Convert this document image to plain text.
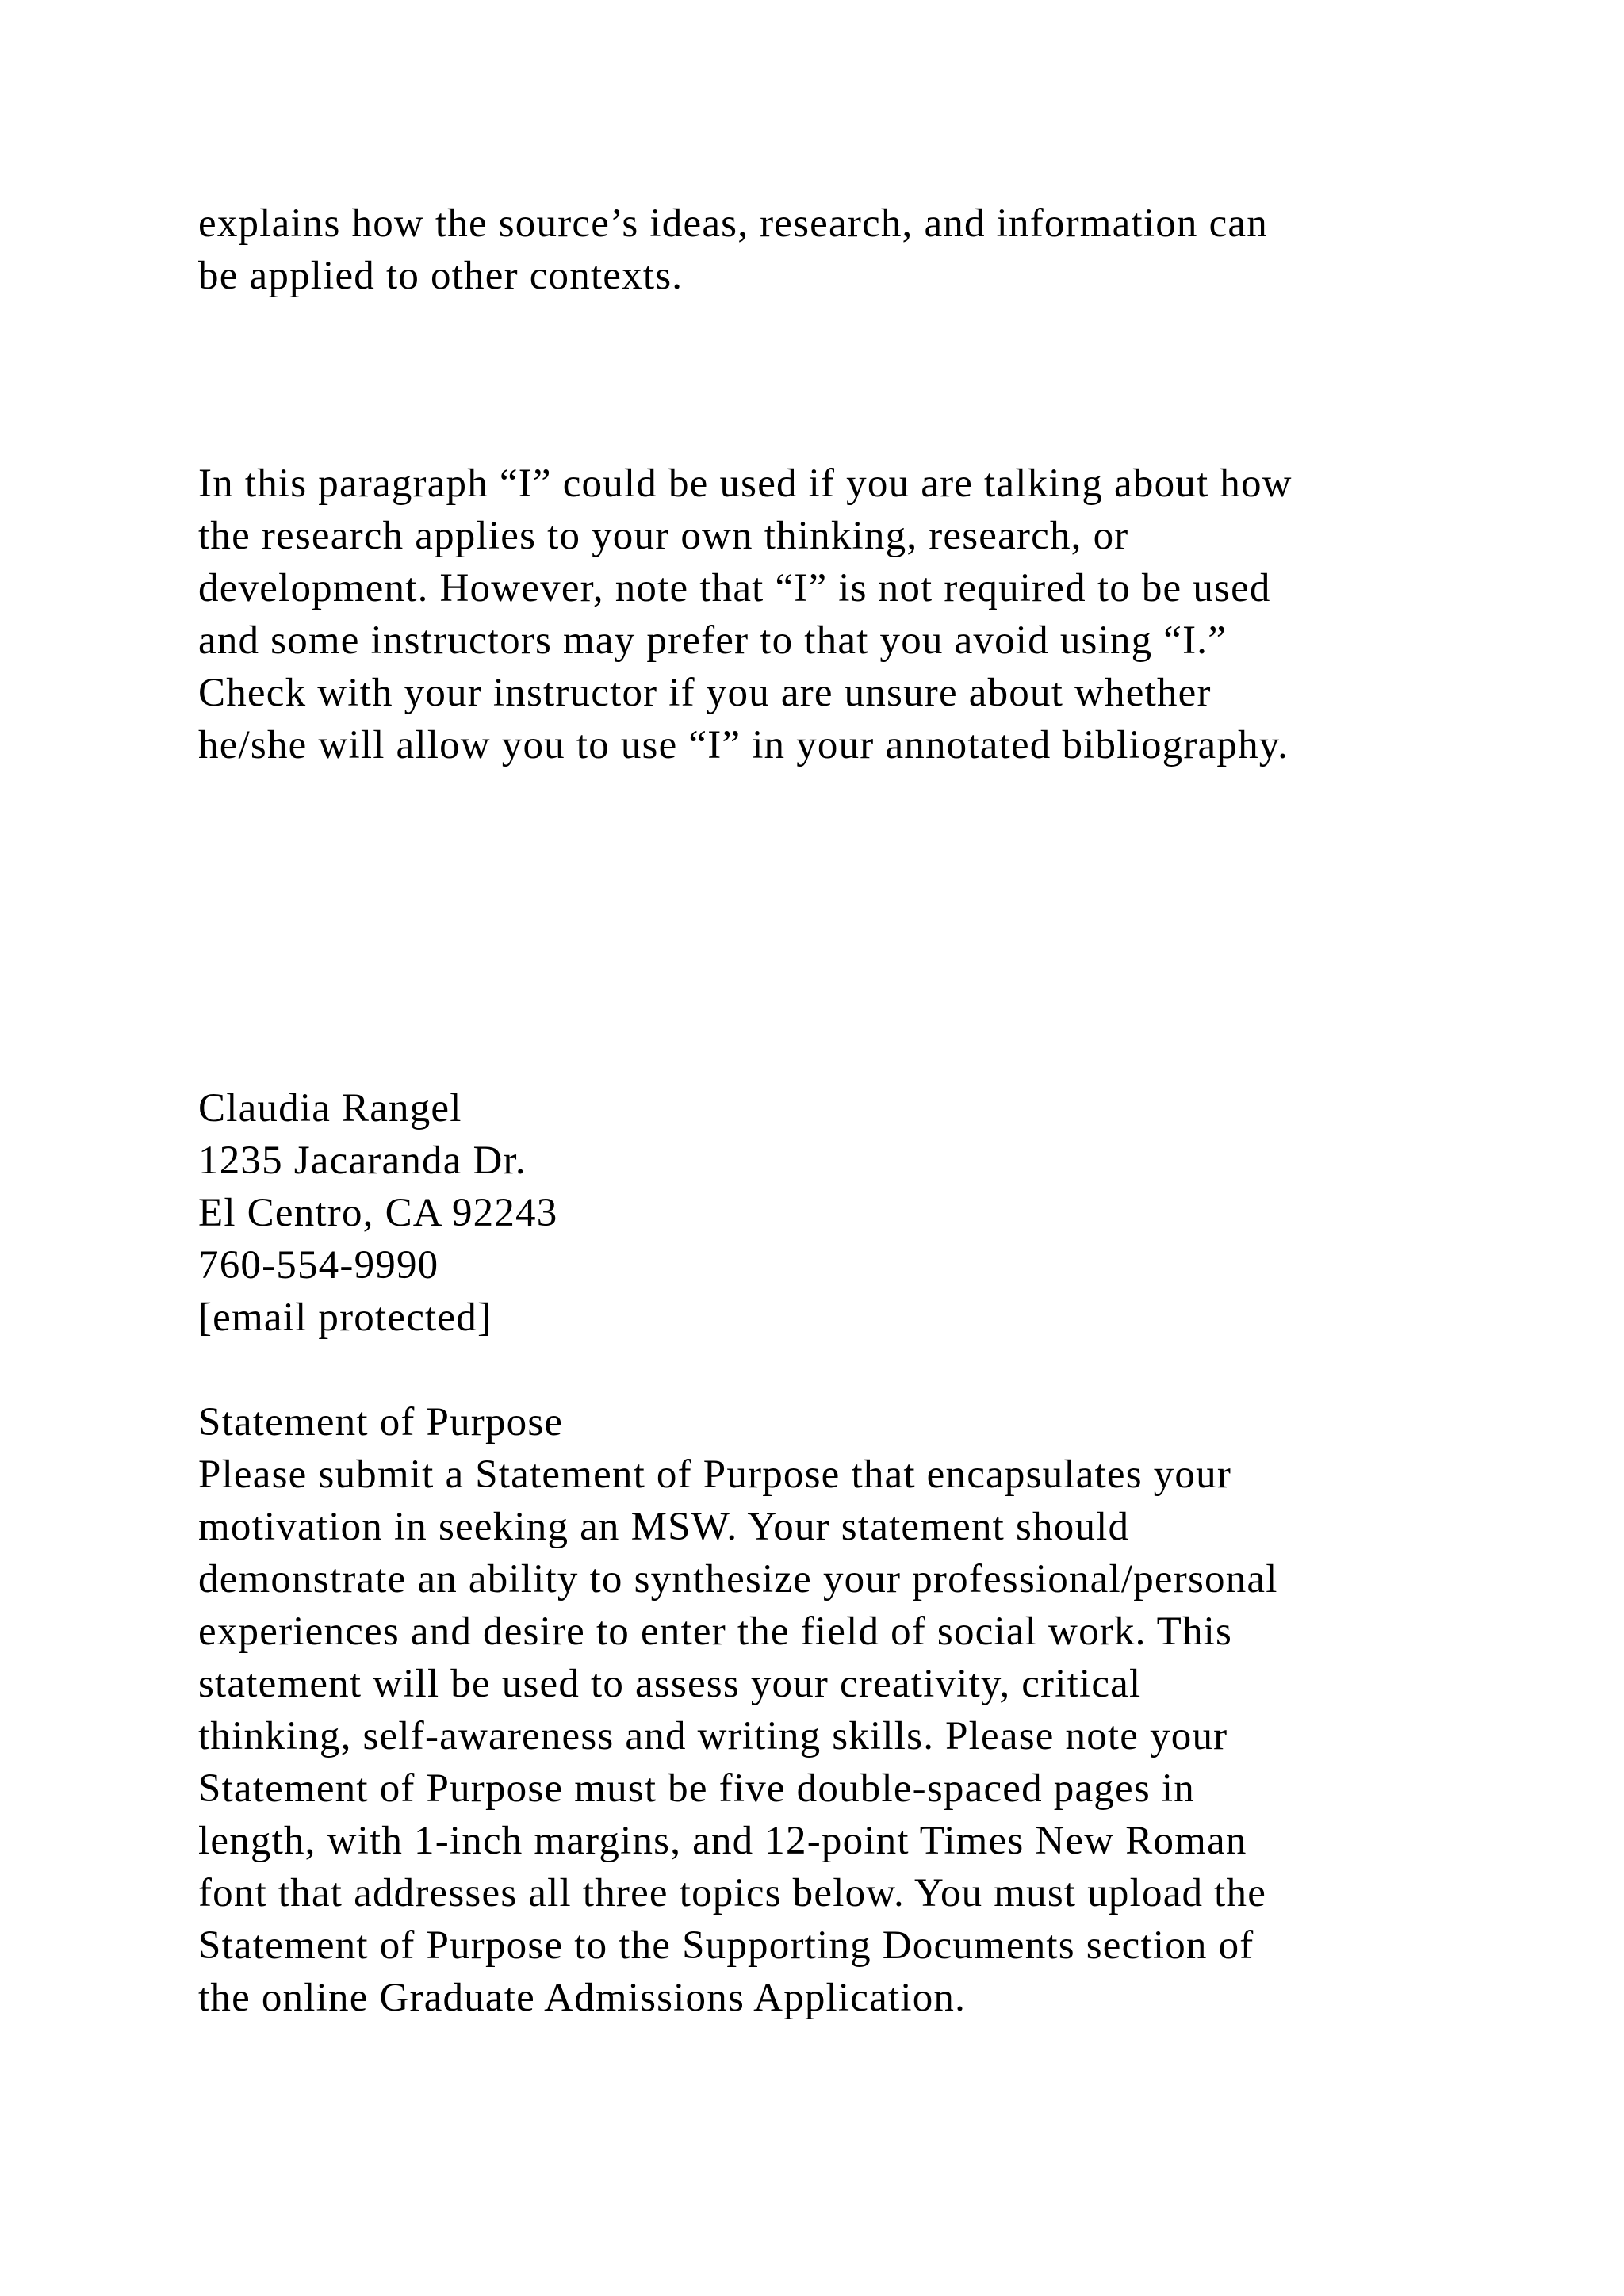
explains how the source’s ideas, research, and information can
be applied to other contexts.
In this paragraph “I” could be used if you are talking about how
the research applies to your own thinking, research, or
development. However, note that “I” is not required to be used
and some instructors may prefer to that you avoid using “I.”
Check with your instructor if you are unsure about whether
he/she will allow you to use “I” in your annotated bibliography.
Claudia Rangel
1235 Jacaranda Dr.
El Centro, CA 92243
760-554-9990
[email protected]
Statement of Purpose
Please submit a Statement of Purpose that encapsulates your
motivation in seeking an MSW. Your statement should
demonstrate an ability to synthesize your professional/personal
experiences and desire to enter the field of social work. This
statement will be used to assess your creativity, critical
thinking, self-awareness and writing skills. Please note your
Statement of Purpose must be five double-spaced pages in
length, with 1-inch margins, and 12-point Times New Roman
font that addresses all three topics below. You must upload the
Statement of Purpose to the Supporting Documents section of
the online Graduate Admissions Application.
